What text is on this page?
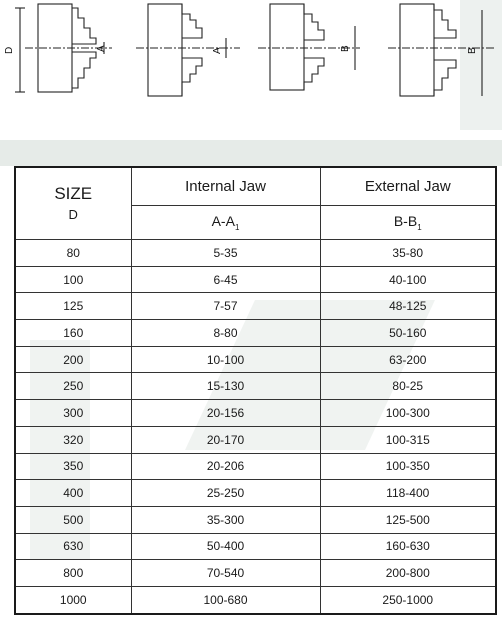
D	A	A	B	B
SIZE
D	Internal Jaw	External Jaw
	$A-A_1$	$B-B_1$
80	5-35	35-80
100	6-45	40-100
125	7-57	48-125
160	8-80	50-160
200	10-100	63-200
250	15-130	80-25
300	20-156	100-300
320	20-170	100-315
350	20-206	100-350
400	25-250	118-400
500	35-300	125-500
630	50-400	160-630
800	70-540	200-800
1000	100-680	250-1000
